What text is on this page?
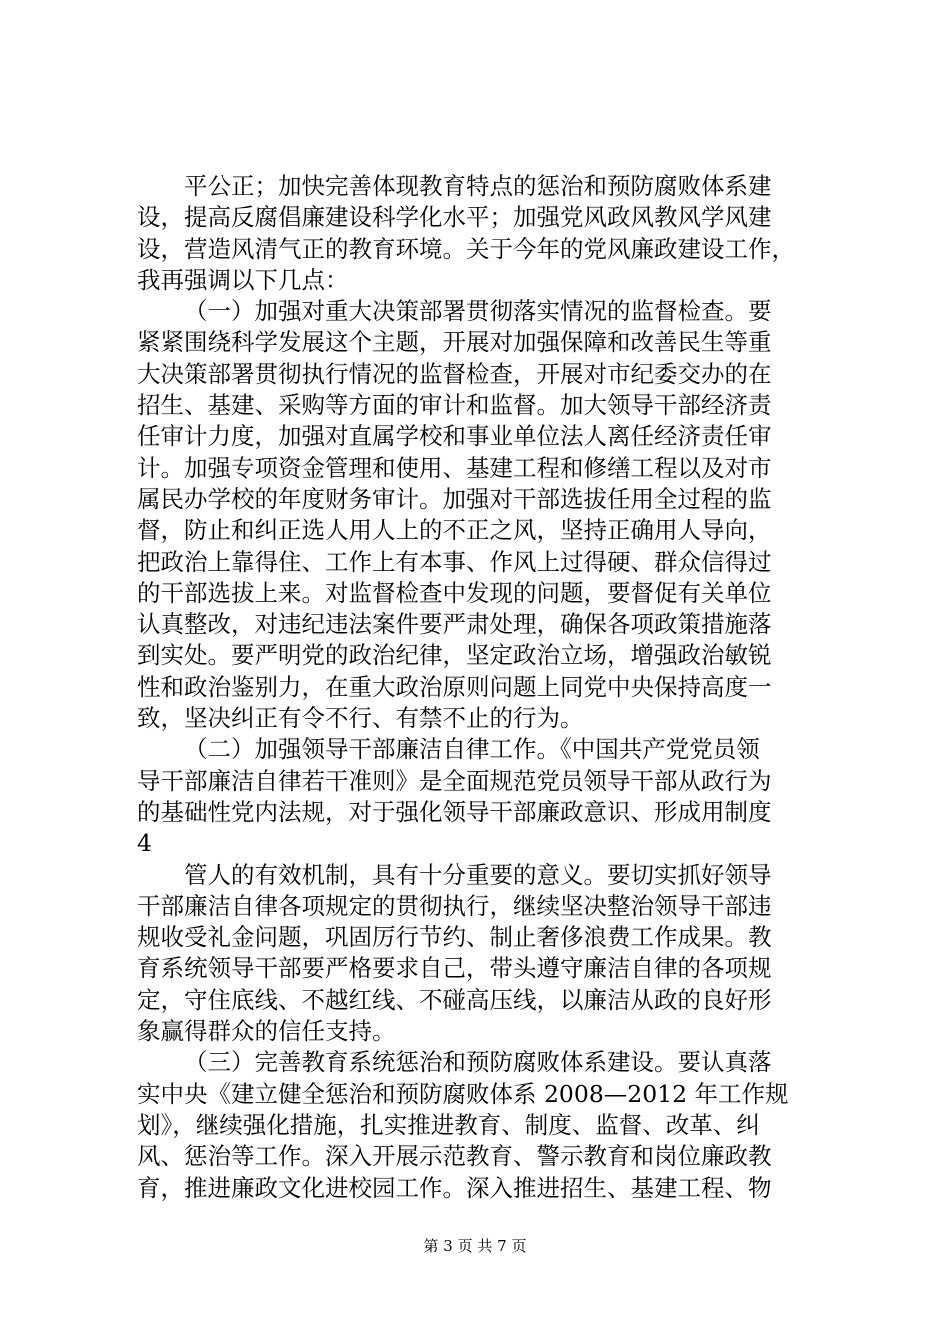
平公正；加快完善体现教育特点的惩治和预防腐败体系建
设，提高反腐倡廉建设科学化水平；加强党风政风教风学风建
设，营造风清气正的教育环境。关于今年的党风廉政建设工作，
我再强调以下几点：
（一）加强对重大决策部署贯彻落实情况的监督检查。要
紧紧围绕科学发展这个主题，开展对加强保障和改善民生等重
大决策部署贯彻执行情况的监督检查，开展对市纪委交办的在
招生、基建、采购等方面的审计和监督。加大领导干部经济责
任审计力度，加强对直属学校和事业单位法人离任经济责任审
计。加强专项资金管理和使用、基建工程和修缮工程以及对市
属民办学校的年度财务审计。加强对干部选拔任用全过程的监
督，防止和纠正选人用人上的不正之风，坚持正确用人导向，
把政治上靠得住、工作上有本事、作风上过得硬、群众信得过
的干部选拔上来。对监督检查中发现的问题，要督促有关单位
认真整改，对违纪违法案件要严肃处理，确保各项政策措施落
到实处。要严明党的政治纪律，坚定政治立场，增强政治敏锐
性和政治鉴别力，在重大政治原则问题上同党中央保持高度一
致，坚决纠正有令不行、有禁不止的行为。
（二）加强领导干部廉洁自律工作。《中国共产党党员领
导干部廉洁自律若干准则》是全面规范党员领导干部从政行为
的基础性党内法规，对于强化领导干部廉政意识、形成用制度
4
管人的有效机制，具有十分重要的意义。要切实抓好领导
干部廉洁自律各项规定的贯彻执行，继续坚决整治领导干部违
规收受礼金问题，巩固厉行节约、制止奢侈浪费工作成果。教
育系统领导干部要严格要求自己，带头遵守廉洁自律的各项规
定，守住底线、不越红线、不碰高压线，以廉洁从政的良好形
象赢得群众的信任支持。
（三）完善教育系统惩治和预防腐败体系建设。要认真落
实中央《建立健全惩治和预防腐败体系 2008—2012 年工作规
划》，继续强化措施，扎实推进教育、制度、监督、改革、纠
风、惩治等工作。深入开展示范教育、警示教育和岗位廉政教
育，推进廉政文化进校园工作。深入推进招生、基建工程、物
第 3 页 共 7 页
